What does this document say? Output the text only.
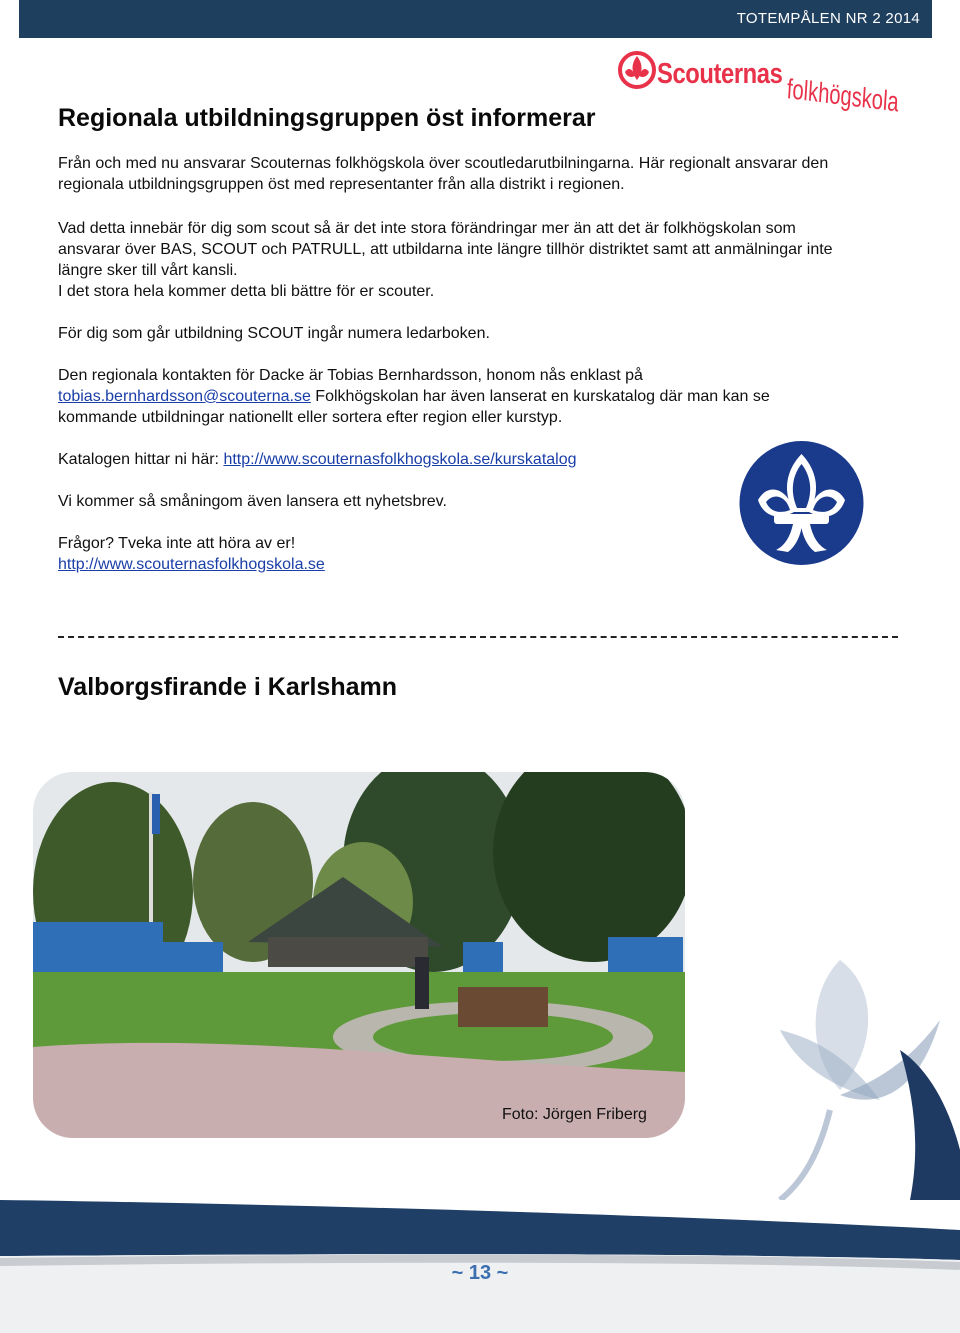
TOTEMPÅLEN NR 2 2014
Scouternas folkhögskola
Regionala utbildningsgruppen öst informerar

Från och med nu ansvarar Scouternas folkhögskola över scoutledarutbilningarna. Här regionalt ansvarar den

regionala utbildningsgruppen öst med representanter från alla distrikt i regionen.

Vad detta innebär för dig som scout så är det inte stora förändringar mer än att det är folkhögskolan som

ansvarar över BAS, SCOUT och PATRULL, att utbildarna inte längre tillhör distriktet samt att anmälningar inte

längre sker till vårt kansli.

I det stora hela kommer detta bli bättre för er scouter.

För dig som går utbildning SCOUT ingår numera ledarboken.

Den regionala kontakten för Dacke är Tobias Bernhardsson, honom nås enklast på

tobias.bernhardsson@scouterna.se Folkhögskolan har även lanserat en kurskatalog där man kan se

kommande utbildningar nationellt eller sortera efter region eller kurstyp.

Katalogen hittar ni här: http://www.scouternasfolkhogskola.se/kurskatalog

Vi kommer så småningom även lansera ett nyhetsbrev.

Frågor? Tveka inte att höra av er!

http://www.scouternasfolkhogskola.se

Valborgsfirande i Karlshamn
Foto: Jörgen Friberg
~ 13 ~
